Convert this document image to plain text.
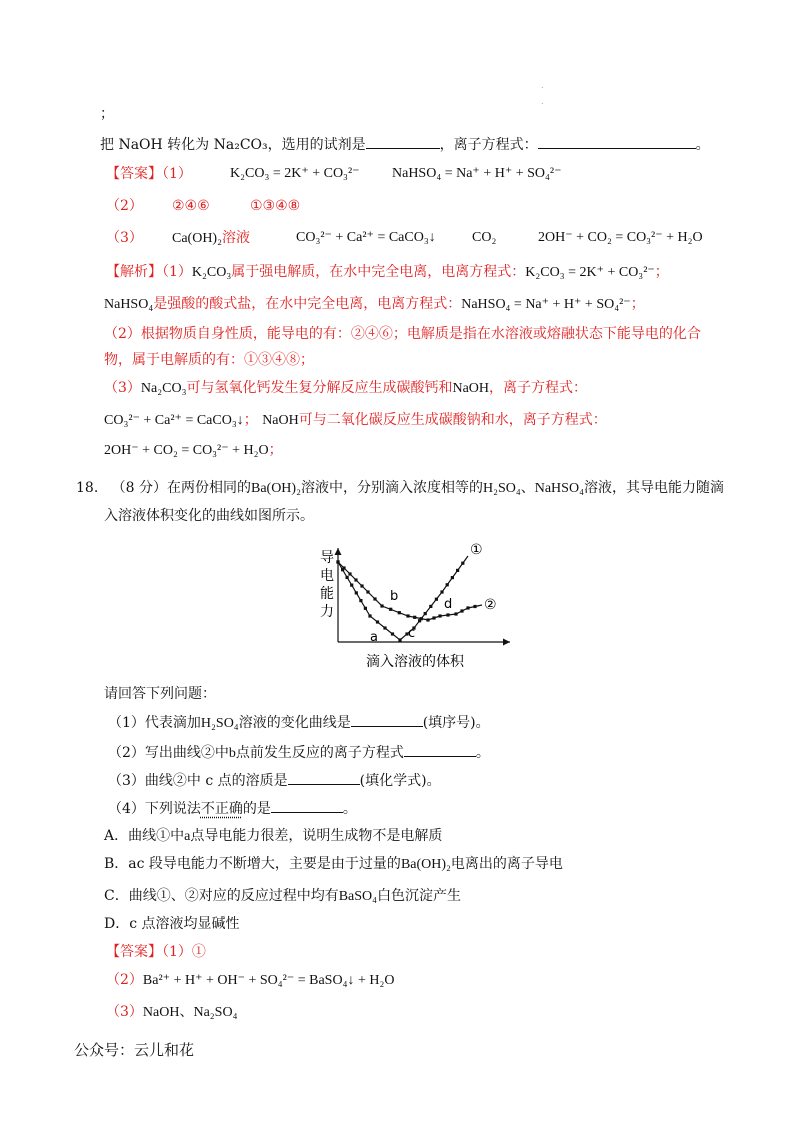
.
.
；
把 NaOH 转化为 Na₂CO₃，选用的试剂是	，离子方程式：	。
【答案】（1）	K₂CO₃ = 2K⁺ + CO₃²⁻ NaHSO₄ = Na⁺ + H⁺ + SO₄²⁻
（2） ②④⑥	①③④⑧
（3） Ca(OH)₂溶液	CO₃²⁻ + Ca²⁺ = CaCO₃↓	CO₂	2OH⁻ + CO₂ = CO₃²⁻ + H₂O
【解析】（1）K₂CO₃属于强电解质，在水中完全电离，电离方程式：K₂CO₃ = 2K⁺ + CO₃²⁻；
NaHSO₄是强酸的酸式盐，在水中完全电离，电离方程式：NaHSO₄ = Na⁺ + H⁺ + SO₄²⁻；
（2）根据物质自身性质，能导电的有：②④⑥；电解质是指在水溶液或熔融状态下能导电的化合
物，属于电解质的有：①③④⑧；
（3）Na₂CO₃可与氢氧化钙发生复分解反应生成碳酸钙和NaOH，离子方程式：
CO₃²⁻ + Ca²⁺ = CaCO₃↓； NaOH可与二氧化碳反应生成碳酸钠和水，离子方程式：
2OH⁻ + CO₂ = CO₃²⁻ + H₂O；
18. （8 分）在两份相同的Ba(OH)₂溶液中，分别滴入浓度相等的H₂SO₄、NaHSO₄溶液，其导电能力随滴
入溶液体积变化的曲线如图所示。
导
电
能
力
①
②
a
b
c
d
滴入溶液的体积
请回答下列问题：
（1）代表滴加H₂SO₄溶液的变化曲线是	(填序号)。
（2）写出曲线②中b点前发生反应的离子方程式	。
（3）曲线②中 c 点的溶质是	(填化学式)。
（4）下列说法不正确的是	。
A．曲线①中a点导电能力很差，说明生成物不是电解质
B．ac 段导电能力不断增大，主要是由于过量的Ba(OH)₂电离出的离子导电
C．曲线①、②对应的反应过程中均有BaSO₄白色沉淀产生
D．c 点溶液均显碱性
【答案】（1）①
（2）Ba²⁺ + H⁺ + OH⁻ + SO₄²⁻ = BaSO₄↓ + H₂O
（3）NaOH、Na₂SO₄
公众号：云儿和花
